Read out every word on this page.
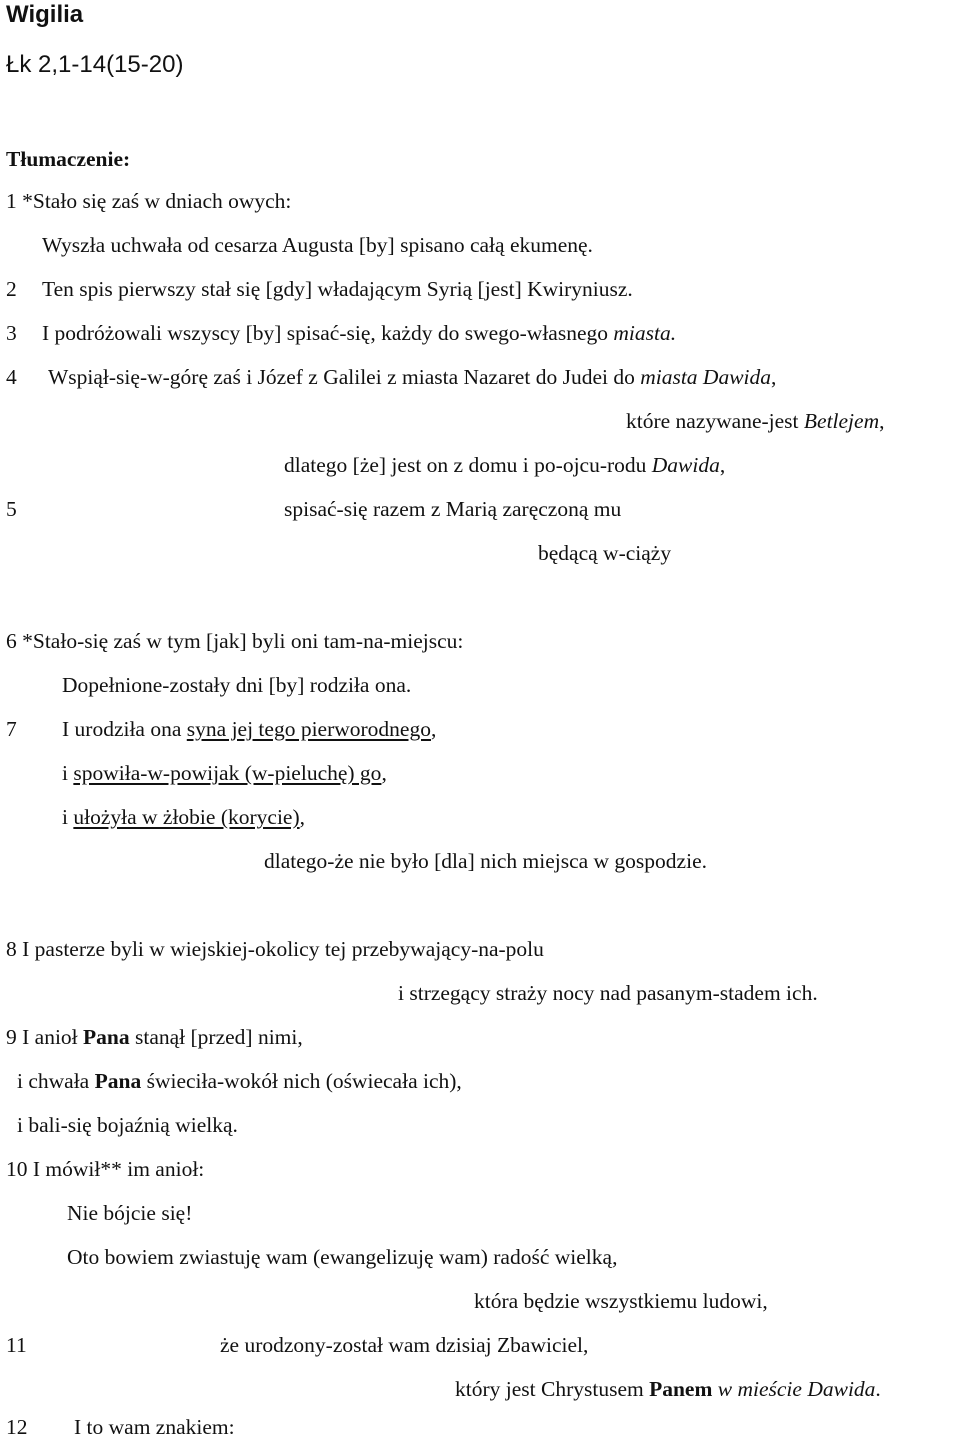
Wigilia
Łk 2,1-14(15-20)
Tłumaczenie:
1 *Stało się zaś w dniach owych:
Wyszła uchwała od cesarza Augusta [by] spisano całą ekumenę.
2 Ten spis pierwszy stał się [gdy] władającym Syrią [jest] Kwiryniusz.
3 I podróżowali wszyscy [by] spisać-się, każdy do swego-własnego miasta.
4 Wspiął-się-w-górę zaś i Józef z Galilei z miasta Nazaret do Judei do miasta Dawida,
które nazywane-jest Betlejem,
dlatego [że] jest on z domu i po-ojcu-rodu Dawida,
5	spisać-się razem z Marią zaręczoną mu
będącą w-ciąży
6 *Stało-się zaś w tym [jak] byli oni tam-na-miejscu:
Dopełnione-zostały dni [by] rodziła ona.
7 I urodziła ona syna jej tego pierworodnego,
i spowiła-w-powijak (w-pieluchę) go,
i ułożyła w żłobie (korycie),
dlatego-że nie było [dla] nich miejsca w gospodzie.
8 I pasterze byli w wiejskiej-okolicy tej przebywający-na-polu
i strzegący straży nocy nad pasanym-stadem ich.
9 I anioł Pana stanął [przed] nimi,
i chwała Pana świeciła-wokół nich (oświecała ich),
i bali-się bojaźnią wielką.
10 I mówił** im anioł:
Nie bójcie się!
Oto bowiem zwiastuję wam (ewangelizuję wam) radość wielką,
która będzie wszystkiemu ludowi,
11	że urodzony-został wam dzisiaj Zbawiciel,
który jest Chrystusem Panem w mieście Dawida.
12 I to wam znakiem:
